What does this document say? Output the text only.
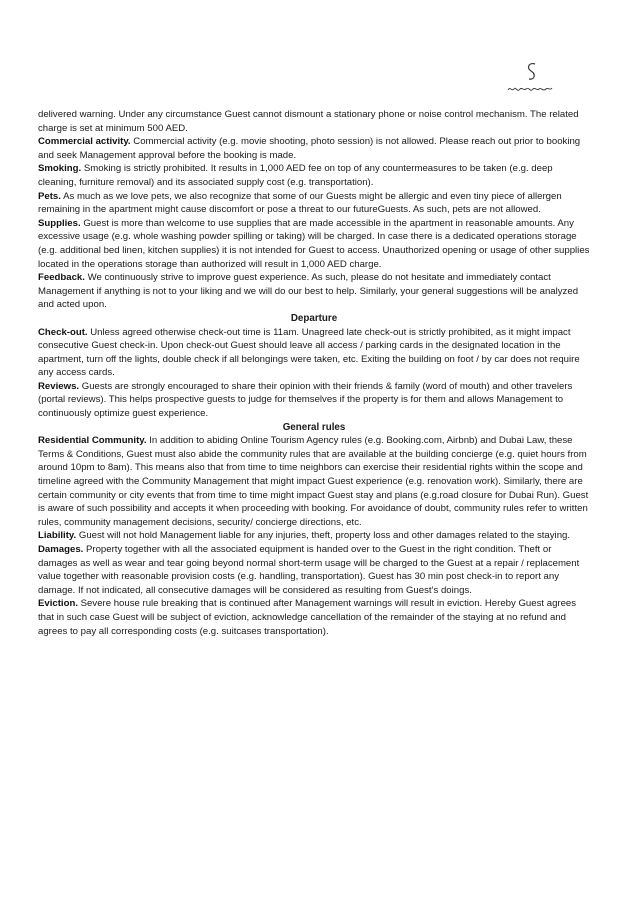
delivered warning. Under any circumstance Guest cannot dismount a stationary phone or noise control mechanism. The related charge is set at minimum 500 AED.

Commercial activity. Commercial activity (e.g. movie shooting, photo session) is not allowed. Please reach out prior to booking and seek Management approval before the booking is made.

Smoking. Smoking is strictly prohibited. It results in 1,000 AED fee on top of any countermeasures to be taken (e.g. deep cleaning, furniture removal) and its associated supply cost (e.g. transportation).

Pets. As much as we love pets, we also recognize that some of our Guests might be allergic and even tiny piece of allergen remaining in the apartment might cause discomfort or pose a threat to our futureGuests. As such, pets are not allowed.

Supplies. Guest is more than welcome to use supplies that are made accessible in the apartment in reasonable amounts. Any excessive usage (e.g. whole washing powder spilling or taking) will be charged. In case there is a dedicated operations storage (e.g. additional bed linen, kitchen supplies) it is not intended for Guest to access. Unauthorized opening or usage of other supplies located in the operations storage than authorized will result in 1,000 AED charge.

Feedback. We continuously strive to improve guest experience. As such, please do not hesitate and immediately contact Management if anything is not to your liking and we will do our best to help. Similarly, your general suggestions will be analyzed and acted upon.

Departure

Check-out. Unless agreed otherwise check-out time is 11am. Unagreed late check-out is strictly prohibited, as it might impact consecutive Guest check-in. Upon check-out Guest should leave all access / parking cards in the designated location in the apartment, turn off the lights, double check if all belongings were taken, etc. Exiting the building on foot / by car does not require any access cards.

Reviews. Guests are strongly encouraged to share their opinion with their friends & family (word of mouth) and other travelers (portal reviews). This helps prospective guests to judge for themselves if the property is for them and allows Management to continuously optimize guest experience.

General rules

Residential Community. In addition to abiding Online Tourism Agency rules (e.g. Booking.com, Airbnb) and Dubai Law, these Terms & Conditions, Guest must also abide the community rules that are available at the building concierge (e.g. quiet hours from around 10pm to 8am). This means also that from time to time neighbors can exercise their residential rights within the scope and timeline agreed with the Community Management that might impact Guest experience (e.g. renovation work). Similarly, there are certain community or city events that from time to time might impact Guest stay and plans (e.g.road closure for Dubai Run). Guest is aware of such possibility and accepts it when proceeding with booking. For avoidance of doubt, community rules refer to written rules, community management decisions, security/ concierge directions, etc.

Liability. Guest will not hold Management liable for any injuries, theft, property loss and other damages related to the staying.

Damages. Property together with all the associated equipment is handed over to the Guest in the right condition. Theft or damages as well as wear and tear going beyond normal short-term usage will be charged to the Guest at a repair / replacement value together with reasonable provision costs (e.g. handling, transportation). Guest has 30 min post check-in to report any damage. If not indicated, all consecutive damages will be considered as resulting from Guest’s doings.

Eviction. Severe house rule breaking that is continued after Management warnings will result in eviction. Hereby Guest agrees that in such case Guest will be subject of eviction, acknowledge cancellation of the remainder of the staying at no refund and agrees to pay all corresponding costs (e.g. suitcases transportation).
